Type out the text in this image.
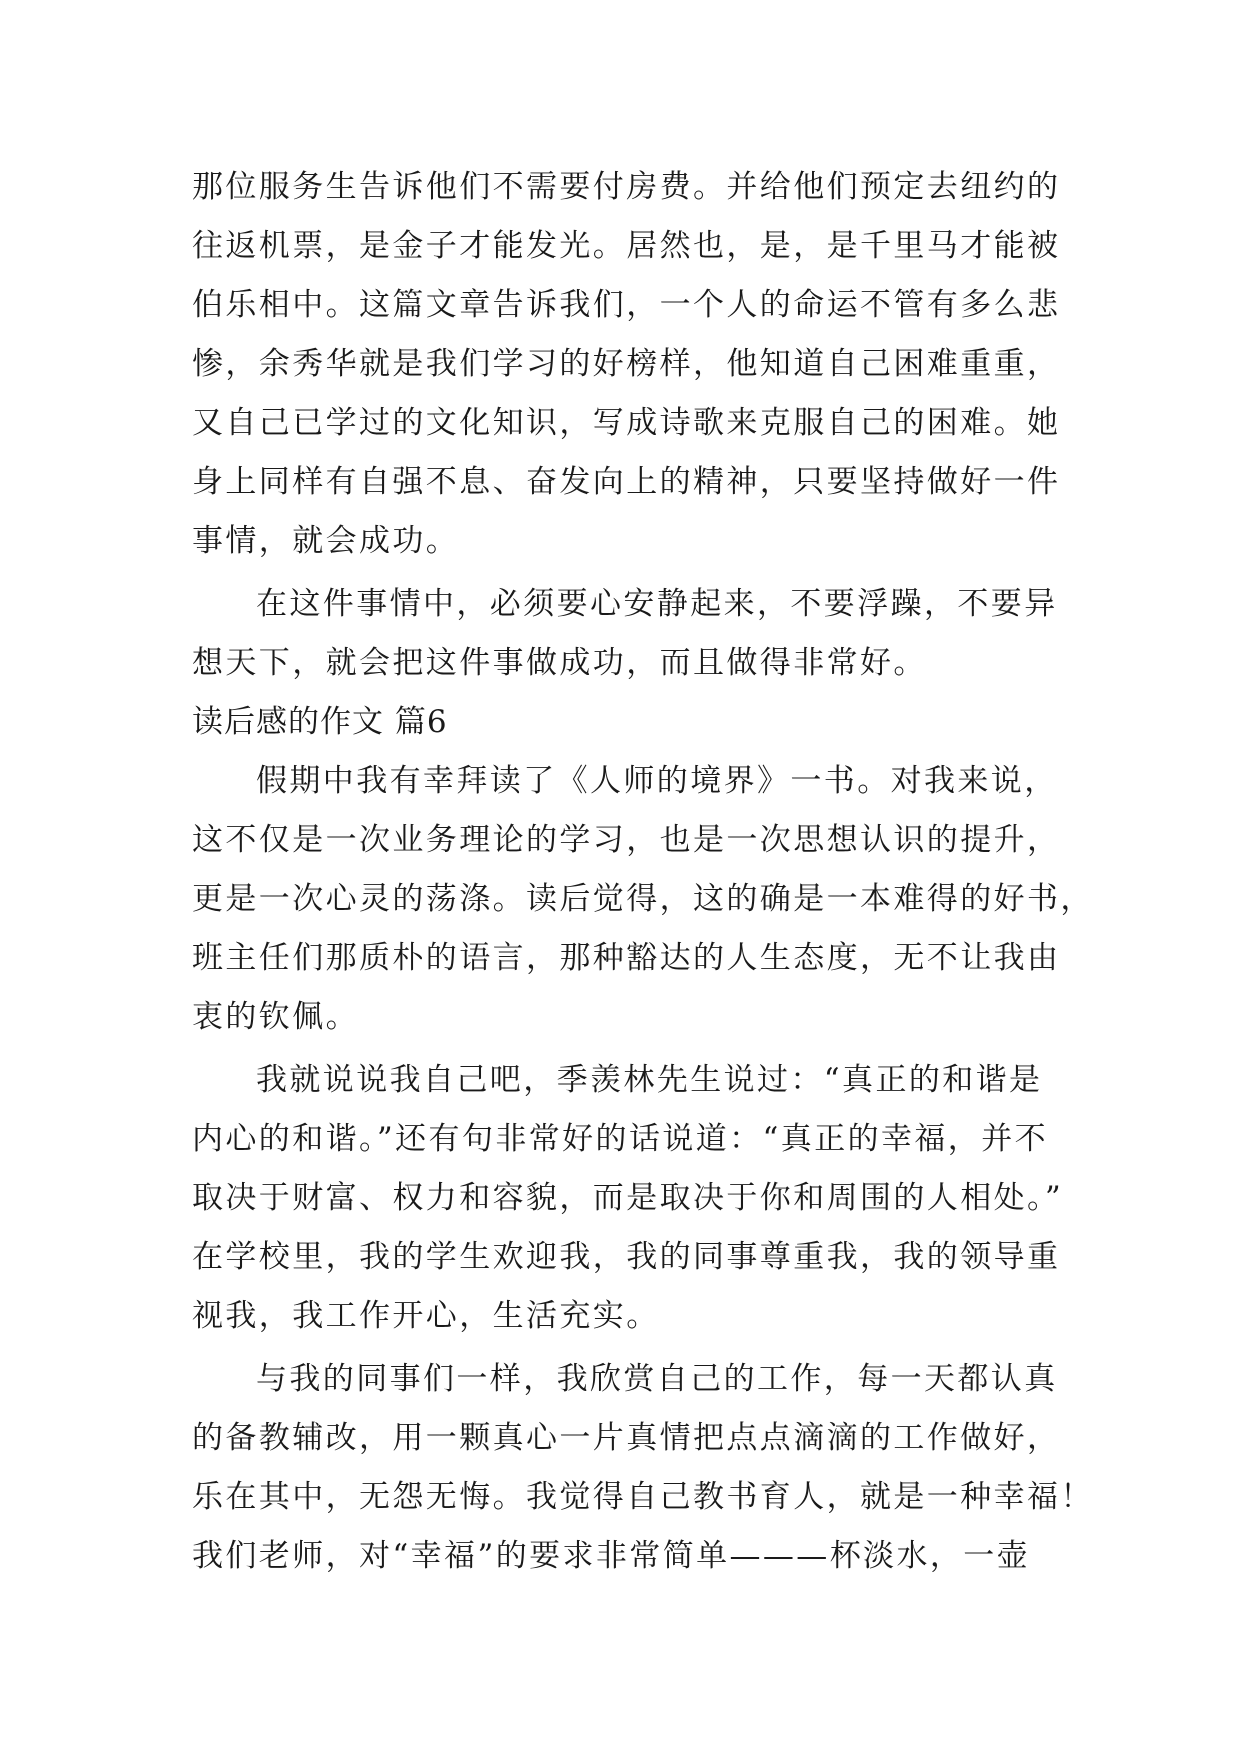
那位服务生告诉他们不需要付房费。并给他们预定去纽约的
往返机票，是金子才能发光。居然也，是，是千里马才能被
伯乐相中。这篇文章告诉我们，一个人的命运不管有多么悲
惨，余秀华就是我们学习的好榜样，他知道自己困难重重，
又自己已学过的文化知识，写成诗歌来克服自己的困难。她
身上同样有自强不息、奋发向上的精神，只要坚持做好一件
事情，就会成功。
在这件事情中，必须要心安静起来，不要浮躁，不要异
想天下，就会把这件事做成功，而且做得非常好。
读后感的作文 篇6
假期中我有幸拜读了《人师的境界》一书。对我来说，
这不仅是一次业务理论的学习，也是一次思想认识的提升，
更是一次心灵的荡涤。读后觉得，这的确是一本难得的好书，
班主任们那质朴的语言，那种豁达的人生态度，无不让我由
衷的钦佩。
我就说说我自己吧，季羡林先生说过：“真正的和谐是
内心的和谐。”还有句非常好的话说道：“真正的幸福，并不
取决于财富、权力和容貌，而是取决于你和周围的人相处。”
在学校里，我的学生欢迎我，我的同事尊重我，我的领导重
视我，我工作开心，生活充实。
与我的同事们一样，我欣赏自己的工作，每一天都认真
的备教辅改，用一颗真心一片真情把点点滴滴的工作做好，
乐在其中，无怨无悔。我觉得自己教书育人，就是一种幸福！
我们老师，对“幸福”的要求非常简单———杯淡水，一壶
